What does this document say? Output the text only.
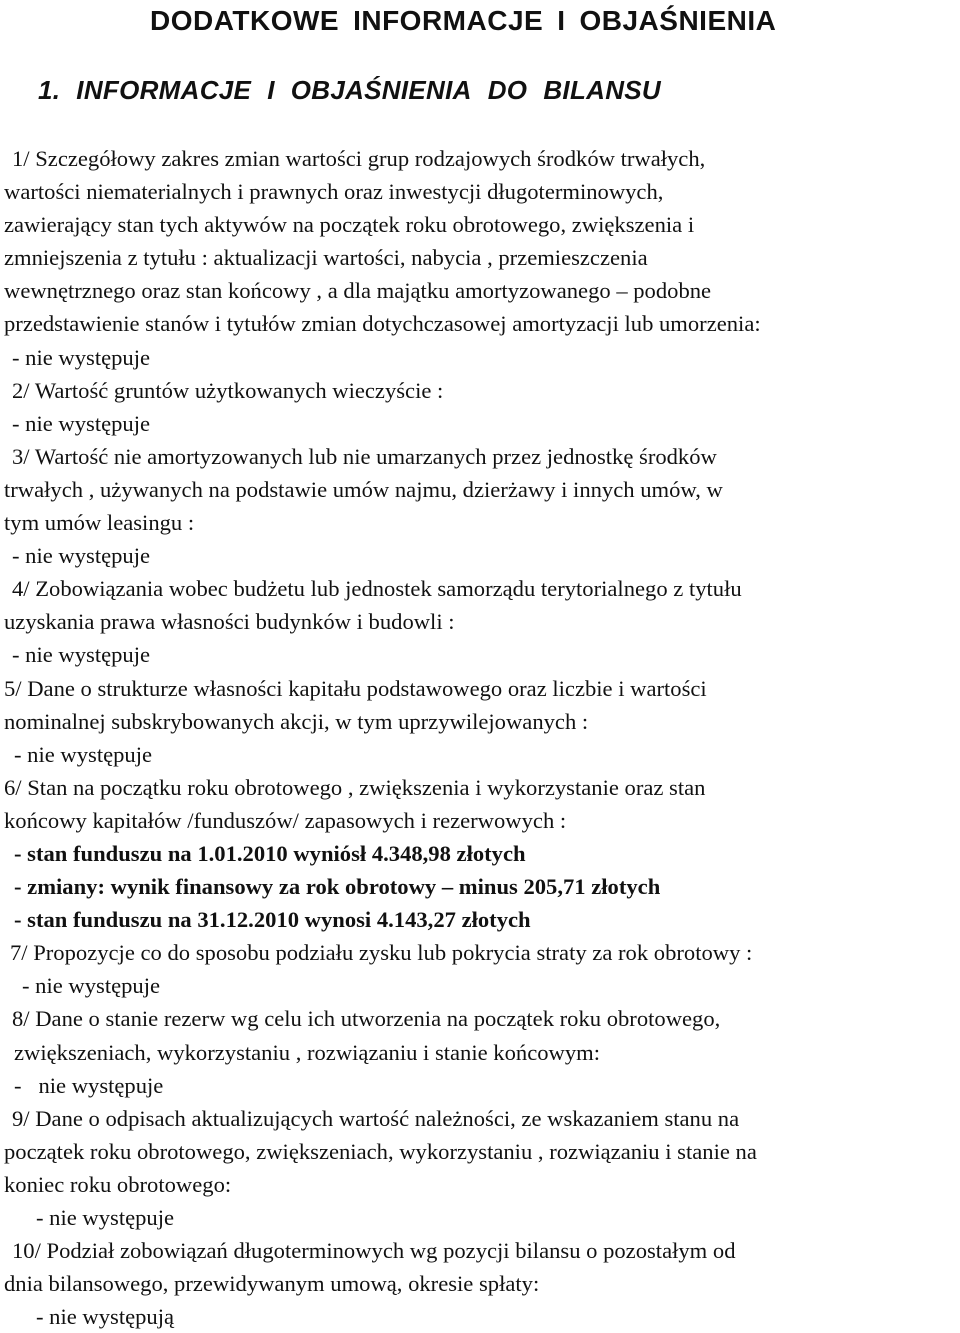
DODATKOWE INFORMACJE I OBJAŚNIENIA
1. INFORMACJE I OBJAŚNIENIA DO BILANSU

1/ Szczegółowy zakres zmian wartości grup rodzajowych środków trwałych,

wartości niematerialnych i prawnych oraz inwestycji długoterminowych,

zawierający stan tych aktywów na początek roku obrotowego, zwiększenia i

zmniejszenia z tytułu : aktualizacji wartości, nabycia , przemieszczenia

wewnętrznego oraz stan końcowy , a dla majątku amortyzowanego – podobne

przedstawienie stanów i tytułów zmian dotychczasowej amortyzacji lub umorzenia:

- nie występuje

2/ Wartość gruntów użytkowanych wieczyście :

- nie występuje

3/ Wartość nie amortyzowanych lub nie umarzanych przez jednostkę środków

trwałych , używanych na podstawie umów najmu, dzierżawy i innych umów, w

tym umów leasingu :

- nie występuje

4/ Zobowiązania wobec budżetu lub jednostek samorządu terytorialnego z tytułu

uzyskania prawa własności budynków i budowli :

- nie występuje

5/ Dane o strukturze własności kapitału podstawowego oraz liczbie i wartości

nominalnej subskrybowanych akcji, w tym uprzywilejowanych :

- nie występuje

6/ Stan na początku roku obrotowego , zwiększenia i wykorzystanie oraz stan

końcowy kapitałów /funduszów/ zapasowych i rezerwowych :

- stan funduszu na 1.01.2010 wyniósł 4.348,98 złotych

- zmiany: wynik finansowy za rok obrotowy – minus 205,71 złotych

- stan funduszu na 31.12.2010 wynosi 4.143,27 złotych

7/ Propozycje co do sposobu podziału zysku lub pokrycia straty za rok obrotowy :

- nie występuje

8/ Dane o stanie rezerw wg celu ich utworzenia na początek roku obrotowego,

zwiększeniach, wykorzystaniu , rozwiązaniu i stanie końcowym:

-   nie występuje

9/ Dane o odpisach aktualizujących wartość należności, ze wskazaniem stanu na

początek roku obrotowego, zwiększeniach, wykorzystaniu , rozwiązaniu i stanie na

koniec roku obrotowego:

- nie występuje

10/ Podział zobowiązań długoterminowych wg pozycji bilansu o pozostałym od

dnia bilansowego, przewidywanym umową, okresie spłaty:

- nie występują
